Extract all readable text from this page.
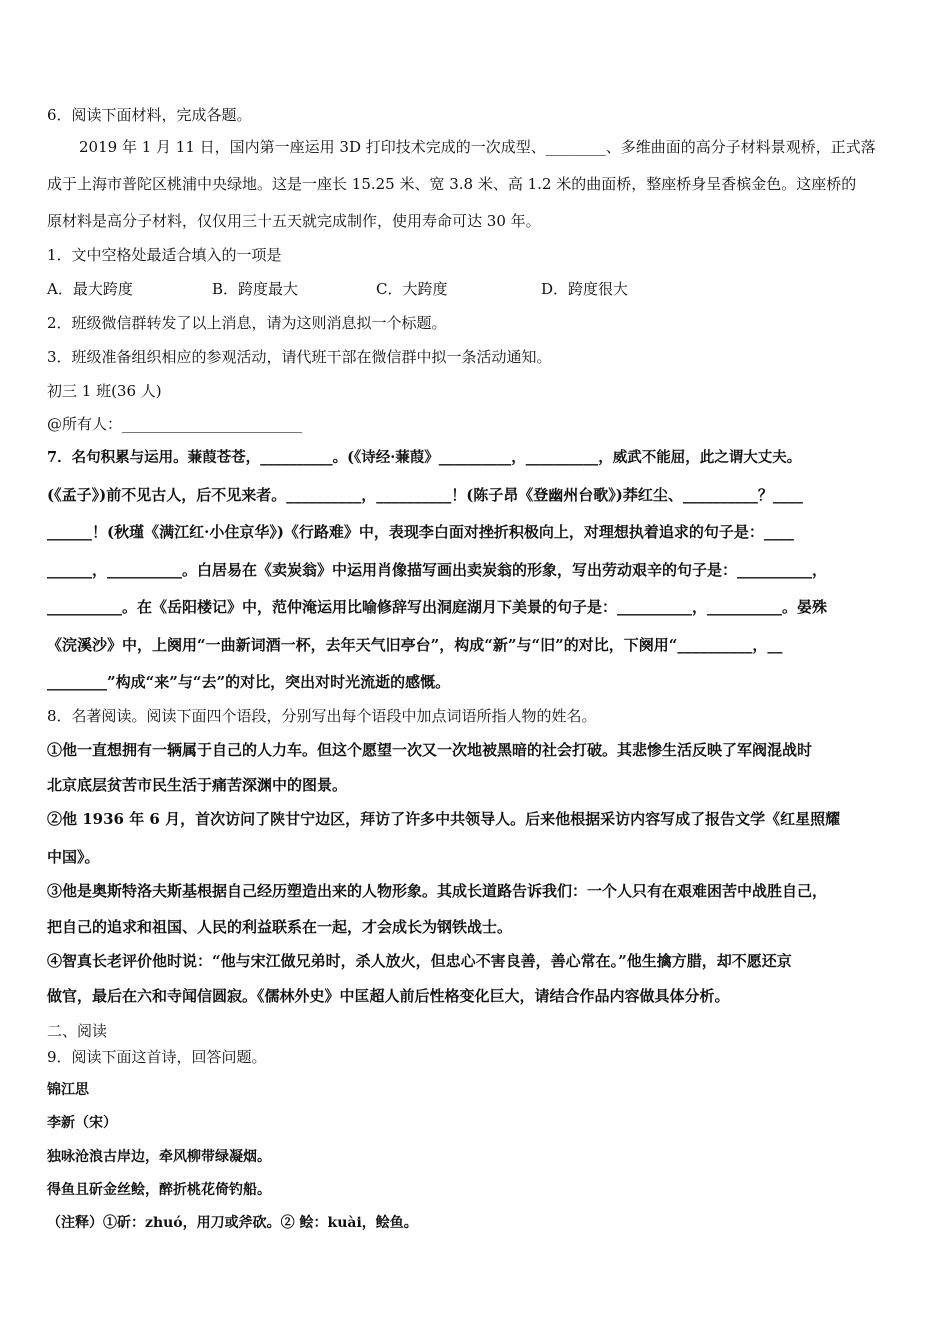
6．阅读下面材料，完成各题。
2019 年 1 月 11 日，国内第一座运用 3D 打印技术完成的一次成型、________、多维曲面的高分子材料景观桥，正式落
成于上海市普陀区桃浦中央绿地。这是一座长 15.25 米、宽 3.8 米、高 1.2 米的曲面桥，整座桥身呈香槟金色。这座桥的
原材料是高分子材料，仅仅用三十五天就完成制作，使用寿命可达 30 年。
1．文中空格处最适合填入的一项是
A．最大跨度	B．跨度最大	C．大跨度	D．跨度很大
2．班级微信群转发了以上消息，请为这则消息拟一个标题。
3．班级准备组织相应的参观活动，请代班干部在微信群中拟一条活动通知。
初三 1 班(36 人)
@所有人：________________________
7．名句积累与运用。蒹葭苍苍，__________。(《诗经·蒹葭》__________，__________，威武不能屈，此之谓大丈夫。
(《孟子》)前不见古人，后不见来者。__________，__________！(陈子昂《登幽州台歌》)莽红尘、__________？____
______！(秋瑾《满江红·小住京华》)《行路难》中，表现李白面对挫折积极向上，对理想执着追求的句子是：____
______，__________。白居易在《卖炭翁》中运用肖像描写画出卖炭翁的形象，写出劳动艰辛的句子是：__________，
__________。在《岳阳楼记》中，范仲淹运用比喻修辞写出洞庭湖月下美景的句子是：__________，__________。晏殊
《浣溪沙》中，上阕用“一曲新词酒一杯，去年天气旧亭台”，构成“新”与“旧”的对比，下阕用“__________，__
________”构成“来”与“去”的对比，突出对时光流逝的感慨。
8．名著阅读。阅读下面四个语段，分别写出每个语段中加点词语所指人物的姓名。
①他一直想拥有一辆属于自己的人力车。但这个愿望一次又一次地被黑暗的社会打破。其悲惨生活反映了军阀混战时
北京底层贫苦市民生活于痛苦深渊中的图景。
②他 1936 年 6 月，首次访问了陕甘宁边区，拜访了许多中共领导人。后来他根据采访内容写成了报告文学《红星照耀
中国》。
③他是奥斯特洛夫斯基根据自己经历塑造出来的人物形象。其成长道路告诉我们：一个人只有在艰难困苦中战胜自己，
把自己的追求和祖国、人民的利益联系在一起，才会成长为钢铁战士。
④智真长老评价他时说：“他与宋江做兄弟时，杀人放火，但忠心不害良善，善心常在。”他生擒方腊，却不愿还京
做官，最后在六和寺闻信圆寂。《儒林外史》中匡超人前后性格变化巨大，请结合作品内容做具体分析。
二、阅读
9．阅读下面这首诗，回答问题。
锦江思
李新（宋）
独咏沧浪古岸边，牵风柳带绿凝烟。
得鱼且斫金丝鲙，醉折桃花倚钓船。
（注释）①斫：zhuó，用刀或斧砍。② 鲙：kuài，鲙鱼。
